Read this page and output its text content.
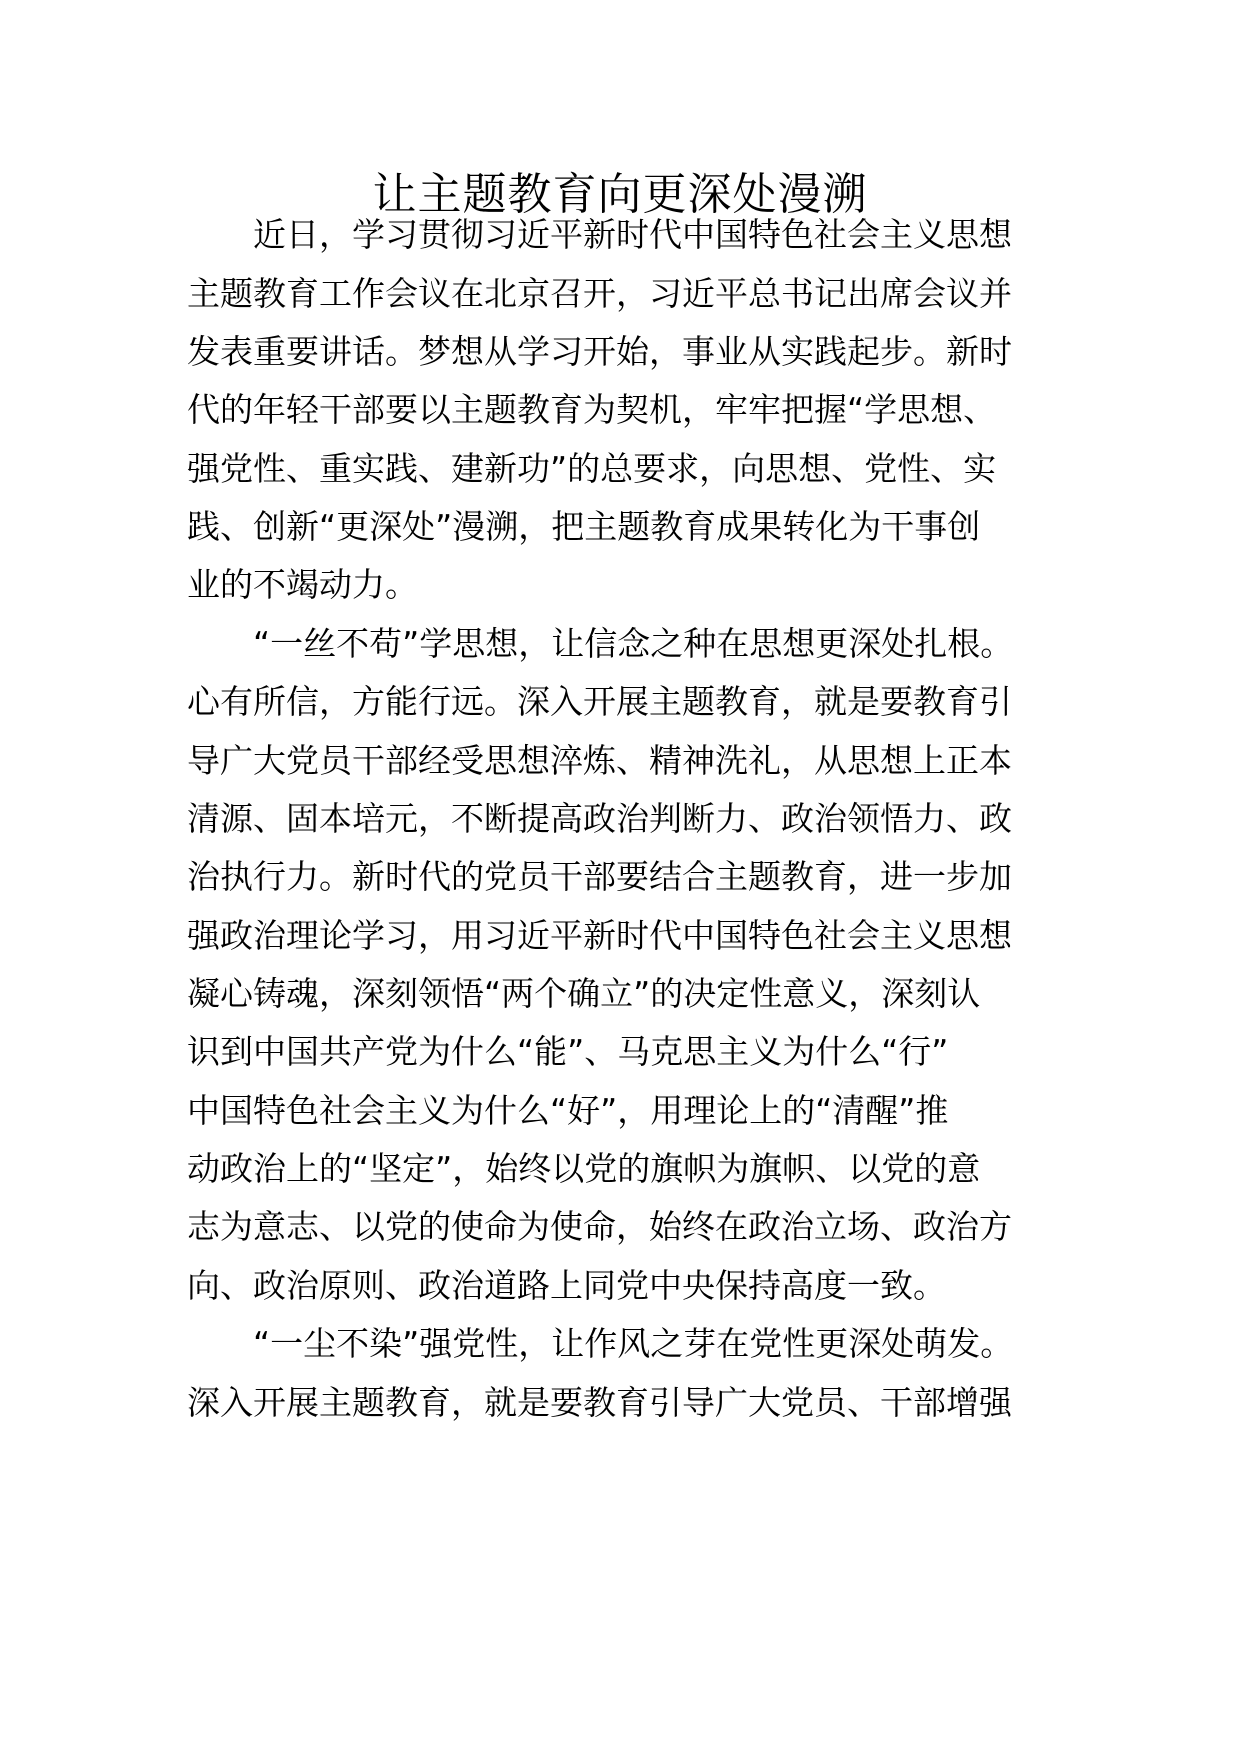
让主题教育向更深处漫溯

近日，学习贯彻习近平新时代中国特色社会主义思想

主题教育工作会议在北京召开，习近平总书记出席会议并

发表重要讲话。梦想从学习开始，事业从实践起步。新时

代的年轻干部要以主题教育为契机，牢牢把握“学思想、

强党性、重实践、建新功”的总要求，向思想、党性、实

践、创新“更深处”漫溯，把主题教育成果转化为干事创

业的不竭动力。

“一丝不苟”学思想，让信念之种在思想更深处扎根。

心有所信，方能行远。深入开展主题教育，就是要教育引

导广大党员干部经受思想淬炼、精神洗礼，从思想上正本

清源、固本培元，不断提高政治判断力、政治领悟力、政

治执行力。新时代的党员干部要结合主题教育，进一步加

强政治理论学习，用习近平新时代中国特色社会主义思想

凝心铸魂，深刻领悟“两个确立”的决定性意义，深刻认

识到中国共产党为什么“能”、马克思主义为什么“行”

中国特色社会主义为什么“好”，用理论上的“清醒”推

动政治上的“坚定”，始终以党的旗帜为旗帜、以党的意

志为意志、以党的使命为使命，始终在政治立场、政治方

向、政治原则、政治道路上同党中央保持高度一致。

“一尘不染”强党性，让作风之芽在党性更深处萌发。

深入开展主题教育，就是要教育引导广大党员、干部增强
